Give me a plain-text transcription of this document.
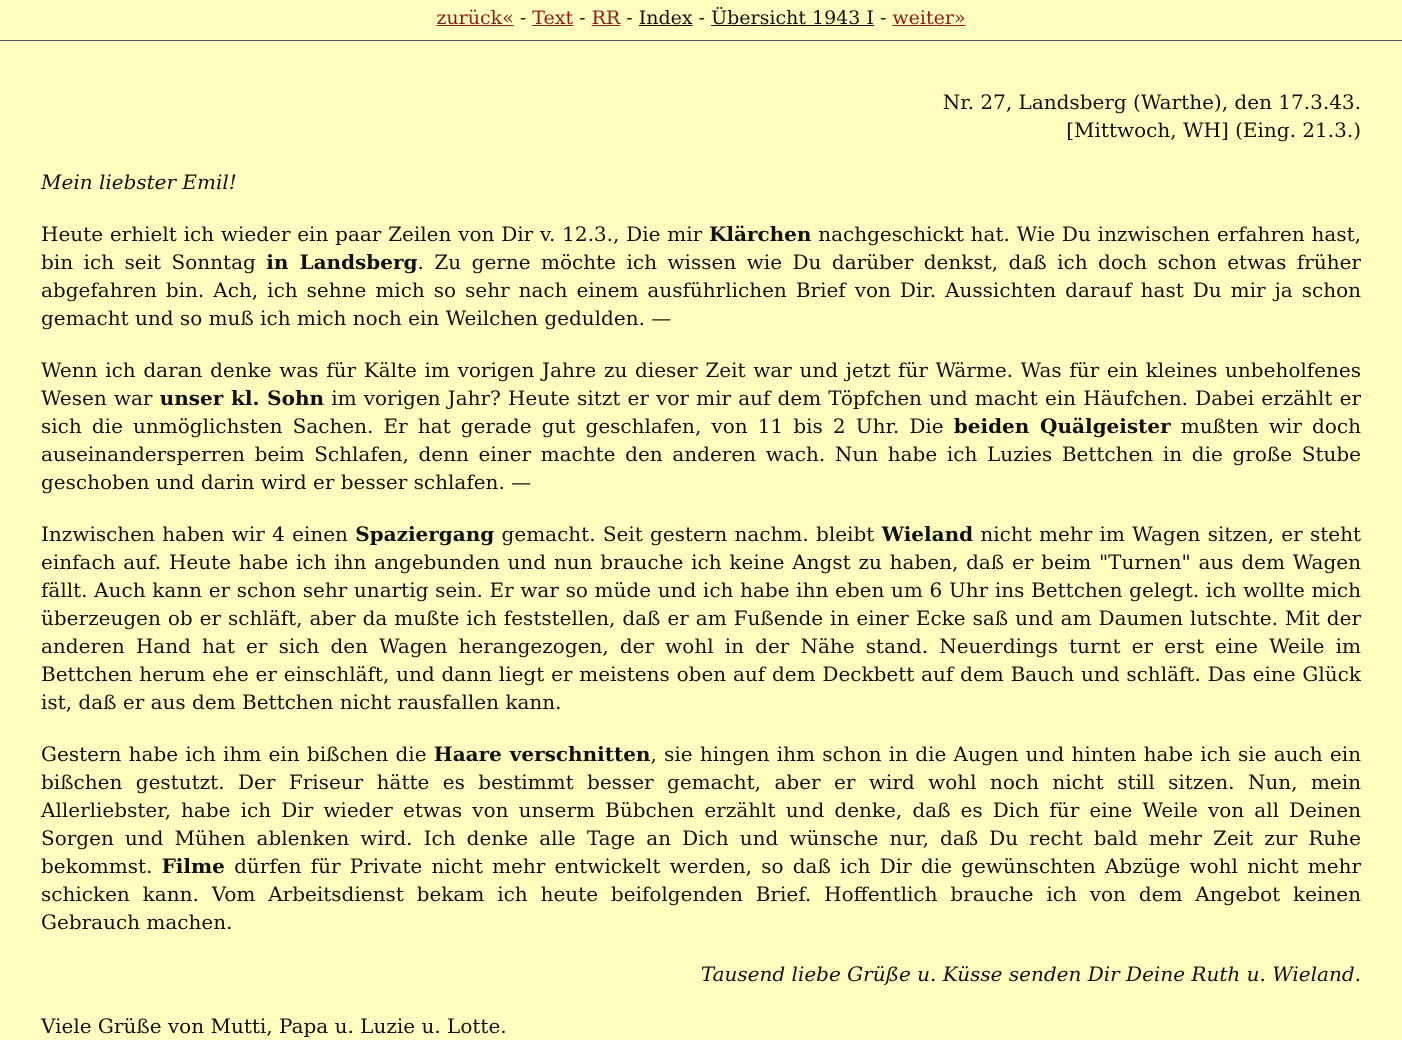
zurück« - Text - RR - Index - Übersicht 1943 I - weiter»
Nr. 27, Landsberg (Warthe), den 17.3.43.
[Mittwoch, WH] (Eing. 21.3.)
Mein liebster Emil!

Heute erhielt ich wieder ein paar Zeilen von Dir v. 12.3., Die mir Klärchen nachgeschickt hat. Wie Du inzwischen erfahren hast, bin ich seit Sonntag in Landsberg. Zu gerne möchte ich wissen wie Du darüber denkst, daß ich doch schon etwas früher abgefahren bin. Ach, ich sehne mich so sehr nach einem ausführlichen Brief von Dir. Aussichten darauf hast Du mir ja schon gemacht und so muß ich mich noch ein Weilchen gedulden. —

Wenn ich daran denke was für Kälte im vorigen Jahre zu dieser Zeit war und jetzt für Wärme. Was für ein kleines unbeholfenes Wesen war unser kl. Sohn im vorigen Jahr? Heute sitzt er vor mir auf dem Töpfchen und macht ein Häufchen. Dabei erzählt er sich die unmöglichsten Sachen. Er hat gerade gut geschlafen, von 11 bis 2 Uhr. Die beiden Quälgeister mußten wir doch auseinandersperren beim Schlafen, denn einer machte den anderen wach. Nun habe ich Luzies Bettchen in die große Stube geschoben und darin wird er besser schlafen. —

Inzwischen haben wir 4 einen Spaziergang gemacht. Seit gestern nachm. bleibt Wieland nicht mehr im Wagen sitzen, er steht einfach auf. Heute habe ich ihn angebunden und nun brauche ich keine Angst zu haben, daß er beim "Turnen" aus dem Wagen fällt. Auch kann er schon sehr unartig sein. Er war so müde und ich habe ihn eben um 6 Uhr ins Bettchen gelegt. ich wollte mich überzeugen ob er schläft, aber da mußte ich feststellen, daß er am Fußende in einer Ecke saß und am Daumen lutschte. Mit der anderen Hand hat er sich den Wagen herangezogen, der wohl in der Nähe stand. Neuerdings turnt er erst eine Weile im Bettchen herum ehe er einschläft, und dann liegt er meistens oben auf dem Deckbett auf dem Bauch und schläft. Das eine Glück ist, daß er aus dem Bettchen nicht rausfallen kann.

Gestern habe ich ihm ein bißchen die Haare verschnitten, sie hingen ihm schon in die Augen und hinten habe ich sie auch ein bißchen gestutzt. Der Friseur hätte es bestimmt besser gemacht, aber er wird wohl noch nicht still sitzen. Nun, mein Allerliebster, habe ich Dir wieder etwas von unserm Bübchen erzählt und denke, daß es Dich für eine Weile von all Deinen Sorgen und Mühen ablenken wird. Ich denke alle Tage an Dich und wünsche nur, daß Du recht bald mehr Zeit zur Ruhe bekommst. Filme dürfen für Private nicht mehr entwickelt werden, so daß ich Dir die gewünschten Abzüge wohl nicht mehr schicken kann. Vom Arbeitsdienst bekam ich heute beifolgenden Brief. Hoffentlich brauche ich von dem Angebot keinen Gebrauch machen.

Tausend liebe Grüße u. Küsse senden Dir Deine Ruth u. Wieland.
Viele Grüße von Mutti, Papa u. Luzie u. Lotte.
